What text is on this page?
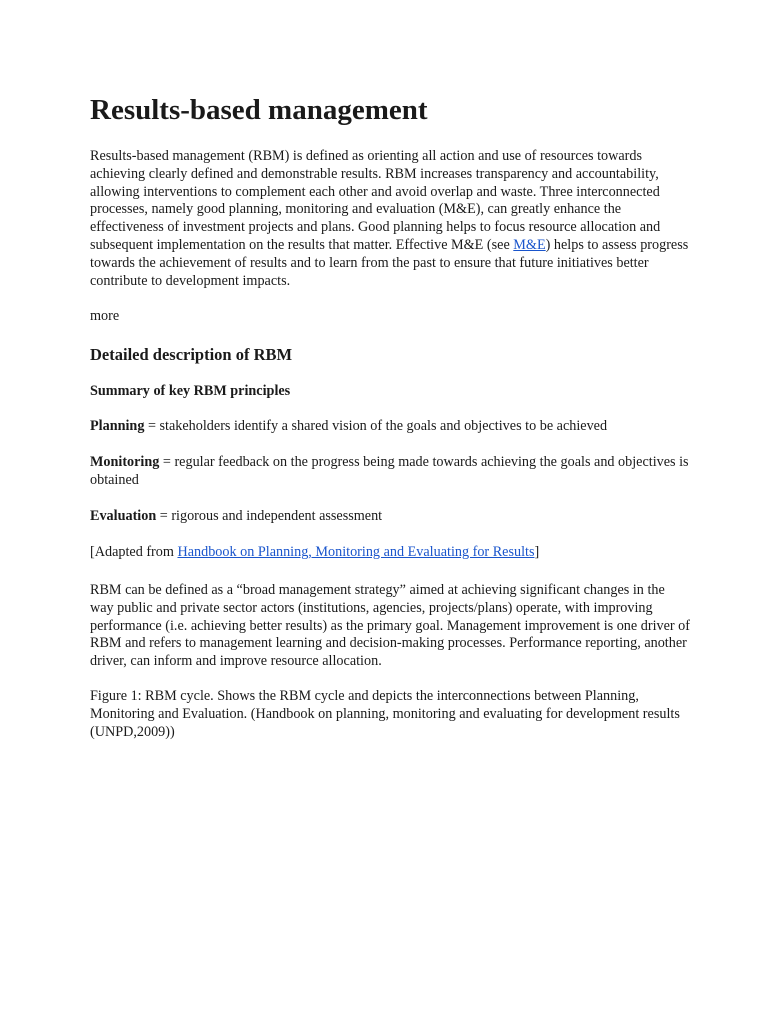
Results-based management

Results-based management (RBM) is defined as orienting all action and use of resources towards achieving clearly defined and demonstrable results. RBM increases transparency and accountability, allowing interventions to complement each other and avoid overlap and waste. Three interconnected processes, namely good planning, monitoring and evaluation (M&E), can greatly enhance the effectiveness of investment projects and plans. Good planning helps to focus resource allocation and subsequent implementation on the results that matter. Effective M&E (see M&E) helps to assess progress towards the achievement of results and to learn from the past to ensure that future initiatives better contribute to development impacts.

more

Detailed description of RBM
Summary of key RBM principles

Planning = stakeholders identify a shared vision of the goals and objectives to be achieved

Monitoring = regular feedback on the progress being made towards achieving the goals and objectives is obtained

Evaluation = rigorous and independent assessment

[Adapted from Handbook on Planning, Monitoring and Evaluating for Results]

RBM can be defined as a “broad management strategy” aimed at achieving significant changes in the way public and private sector actors (institutions, agencies, projects/plans) operate, with improving performance (i.e. achieving better results) as the primary goal. Management improvement is one driver of RBM and refers to management learning and decision-making processes. Performance reporting, another driver, can inform and improve resource allocation.

Figure 1: RBM cycle. Shows the RBM cycle and depicts the interconnections between Planning, Monitoring and Evaluation. (Handbook on planning, monitoring and evaluating for development results (UNPD,2009))
